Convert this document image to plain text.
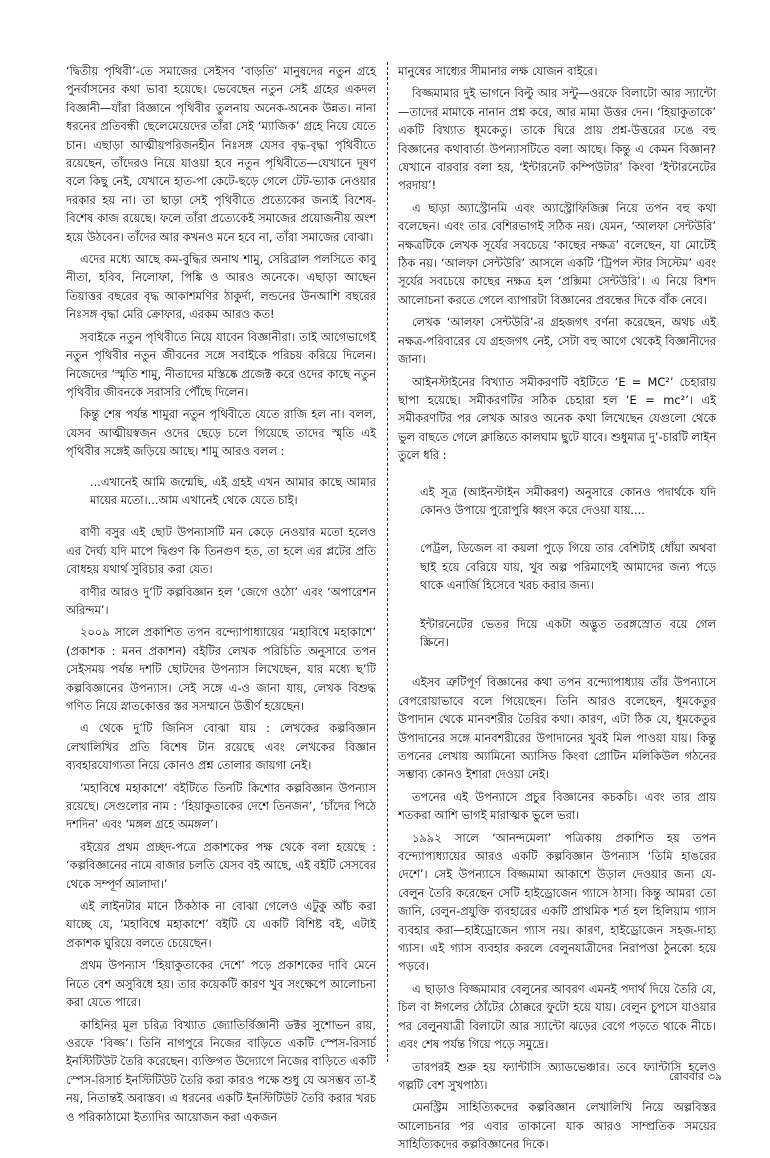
‘দ্বিতীয় পৃথিবী’-তে সমাজের সেইসব ‘বাড়তি’ মানুষদের নতুন গ্রহে পুনর্বাসনের কথা ভাবা হয়েছে। ভেবেছেন নতুন সেই গ্রহের একদল বিজ্ঞানী—যাঁরা বিজ্ঞানে পৃথিবীর তুলনায় অনেক-অনেক উন্নত। নানা ধরনের প্রতিবন্ধী ছেলেমেয়েদের তাঁরা সেই ‘ম্যাজিক’ গ্রহে নিয়ে যেতে চান। এছাড়া আত্মীয়পরিজনহীন নিঃসঙ্গ যেসব বৃদ্ধ-বৃদ্ধা পৃথিবীতে রয়েছেন, তাঁদেরও নিয়ে যাওয়া হবে নতুন পৃথিবীতে—যেখানে দূষণ বলে কিছু নেই, যেখানে হাত-পা কেটে-ছড়ে গেলে টেট-ভ্যাক নেওয়ার দরকার হয় না। তা ছাড়া সেই পৃথিবীতে প্রত্যেকের জন্যই বিশেষ-বিশেষ কাজ রয়েছে। ফলে তাঁরা প্রত্যেকেই সমাজের প্রয়োজনীয় অংশ হয়ে উঠবেন। তাঁদের আর কখনও মনে হবে না, তাঁরা সমাজের বোঝা।

এদের মধ্যে আছে কম-বুদ্ধির অনাথ শামু, সেরিব্রাল পলসিতে কাবু নীতা, হবিব, নিলোফা, পিঙ্কি ও আরও অনেকে। এছাড়া আছেন তিয়াত্তর বছরের বৃদ্ধ আকাশমণির ঠাকুর্দা, লন্ডনের উনআশি বছরের নিঃসঙ্গ বৃদ্ধা মেরি ক্রোফার, এরকম আরও কত!

সবাইকে নতুন পৃথিবীতে নিয়ে যাবেন বিজ্ঞানীরা। তাই আগেভাগেই নতুন পৃথিবীর নতুন জীবনের সঙ্গে সবাইকে পরিচয় করিয়ে দিলেন। নিজেদের ‘স্মৃতি শামু, নীতাদের মস্তিষ্কে প্রজেক্ট করে ওদের কাছে নতুন পৃথিবীর জীবনকে সরাসরি পৌঁছে দিলেন।

কিন্তু শেষ পর্যন্ত শামুরা নতুন পৃথিবীতে যেতে রাজি হল না। বলল, যেসব আত্মীয়স্বজন ওদের ছেড়ে চলে গিয়েছে তাদের স্মৃতি এই পৃথিবীর সঙ্গেই জড়িয়ে আছে। শামু আরও বলল :

...এখানেই আমি জন্মেছি, এই গ্রহই এখন আমার কাছে আমার মায়ের মতো।...আম এখানেই থেকে যেতে চাই।

বাণী বসুর এই ছোট উপন্যাসটি মন কেড়ে নেওয়ার মতো হলেও এর দৈর্ঘ্য যদি মাপে দ্বিগুণ কি তিনগুণ হত, তা হলে এর প্লটের প্রতি বোধহয় যথার্থ সুবিচার করা যেত।

বাণীর আরও দু’টি কল্পবিজ্ঞান হল ‘জেগে ওঠো’ এবং ‘অপারেশন অরিন্দম’।

২০০৯ সালে প্রকাশিত তপন বন্দ্যোপাধ্যায়ের ‘মহাবিশ্বে মহাকাশে’ (প্রকাশক : মনন প্রকাশন) বইটির লেখক পরিচিতি অনুসারে তপন সেইসময় পর্যন্ত দশটি ছোটদের উপন্যাস লিখেছেন, যার মধ্যে ছ’টি কল্পবিজ্ঞানের উপন্যাস। সেই সঙ্গে এ-ও জানা যায়, লেখক বিশুদ্ধ গণিত নিয়ে স্নাতকোত্তর স্তর সসম্মানে উত্তীর্ণ হয়েছেন।

এ থেকে দু’টি জিনিস বোঝা যায় : লেখকের কল্পবিজ্ঞান লেখালিখির প্রতি বিশেষ টান রয়েছে এবং লেখকের বিজ্ঞান ব্যবহারযোগ্যতা নিয়ে কোনও প্রশ্ন তোলার জায়গা নেই।

‘মহাবিশ্বে মহাকাশে’ বইটিতে তিনটি কিশোর কল্পবিজ্ঞান উপন্যাস রয়েছে। সেগুলোর নাম : ‘হিয়াকুতাকের দেশে তিনজন’, ‘চাঁদের পিঠে দশদিন’ এবং ‘মঙ্গল গ্রহে অমঙ্গল’।

বইয়ের প্রথম প্রচ্ছদ-পত্রে প্রকাশকের পক্ষ থেকে বলা হয়েছে : ‘কল্পবিজ্ঞানের নামে বাজার চলতি যেসব বই আছে, এই বইটি সেসবের থেকে সম্পূর্ণ আলাদা।’

এই লাইনটার মানে ঠিকঠাক না বোঝা গেলেও এটুকু আঁচ করা যাচ্ছে যে, ‘মহাবিশ্বে মহাকাশে’ বইটি যে একটি বিশিষ্ট বই, এটাই প্রকাশক ঘুরিয়ে বলতে চেয়েছেন।

প্রথম উপন্যাস ‘হিয়াকুতাকের দেশে’ পড়ে প্রকাশকের দাবি মেনে নিতে বেশ অসুবিধে হয়। তার কয়েকটি কারণ খুব সংক্ষেপে আলোচনা করা যেতে পারে।

কাহিনির মূল চরিত্র বিখ্যাত জ্যোতির্বিজ্ঞানী ডক্টর সুশোভন রায়, ওরফে ‘বিজ্জ’। তিনি নাগপুরে নিজের বাড়িতে একটি স্পেস-রিসার্চ ইনস্টিটিউট তৈরি করেছেন। ব্যক্তিগত উদ্যোগে নিজের বাড়িতে একটি স্পেস-রিসার্চ ইনস্টিটিউট তৈরি করা কারও পক্ষে শুধু যে অসম্ভব তা-ই নয়, নিতান্তই অবাস্তব। এ ধরনের একটি ইনস্টিটিউট তৈরি করার খরচ ও পরিকাঠামো ইত্যাদির আয়োজন করা একজন

মানুষের সাধ্যের সীমানার লক্ষ যোজন বাইরে।

বিজ্জমামার দুই ভাগনে বিল্টু আর সন্টু—ওরফে বিলাটো আর স্যান্টো—তাদের মামাকে নানান প্রশ্ন করে, আর মামা উত্তর দেন। ‘হিয়াকুতাকে’ একটি বিখ্যাত ধূমকেতু। তাকে ঘিরে প্রায় প্রশ্ন-উত্তরের ঢঙে বহু বিজ্ঞানের কথাবার্তা উপন্যাসটিতে বলা আছে। কিন্তু এ কেমন বিজ্ঞান? যেখানে বারবার বলা হয়, ‘ইন্টারনেট কম্পিউটার’ কিংবা ‘ইন্টারনেটের পরদায়’!

এ ছাড়া অ্যাস্ট্রোনমি এবং অ্যাস্ট্রোফিজিক্স নিয়ে তপন বহু কথা বলেছেন। এবং তার বেশিরভাগই সঠিক নয়। যেমন, ‘আলফা সেন্টউরি’ নক্ষত্রটিকে লেখক সূর্যের সবচেয়ে ‘কাছের নক্ষত্র’ বলেছেন, যা মোটেই ঠিক নয়। ‘আলফা সেন্টউরি’ আসলে একটি ‘ট্রিপল স্টার সিস্টেম’ এবং সূর্যের সবচেয়ে কাছের নক্ষত্র হল ‘প্রক্সিমা সেন্টউরি’। এ নিয়ে বিশদ আলোচনা করতে গেলে ব্যাপারটা বিজ্ঞানের প্রবন্ধের দিকে বাঁক নেবে।

লেখক ‘আলফা সেন্টউরি’-র গ্রহজগৎ বর্ণনা করেছেন, অথচ এই নক্ষত্র-পরিবারের যে গ্রহজগৎ নেই, সেটা বহু আগে থেকেই বিজ্ঞানীদের জানা।

আইনস্টাইনের বিখ্যাত সমীকরণটি বইটিতে ‘E = MC²’ চেহারায় ছাপা হয়েছে। সমীকরণটির সঠিক চেহারা হল ‘E = mc²’। এই সমীকরণটির পর লেখক আরও অনেক কথা লিখেছেন যেগুলো থেকে ভুল বাছতে গেলে ক্লান্তিতে কালঘাম ছুটে যাবে। শুধুমাত্র দু’-চারটি লাইন তুলে ধরি :

এই সূত্র (আইনস্টাইন সমীকরণ) অনুসারে কোনও পদার্থকে যদি কোনও উপায়ে পুরোপুরি ধ্বংস করে দেওয়া যায়....

পেট্রল, ডিজেল বা কয়লা পুড়ে গিয়ে তার বেশিটাই ধোঁয়া অথবা ছাই হয়ে বেরিয়ে যায়, খুব অল্প পরিমাণেই আমাদের জন্য পড়ে থাকে এনার্জি হিসেবে খরচ করার জন্য।

ইন্টারনেটের ভেতর দিয়ে একটা অদ্ভুত তরঙ্গস্রোত বয়ে গেল স্ক্রিনে।

এইসব ত্রুটিপূর্ণ বিজ্ঞানের কথা তপন বন্দ্যোপাধ্যায় তাঁর উপন্যাসে বেপরোয়াভাবে বলে গিয়েছেন। তিনি আরও বলেছেন, ধূমকেতুর উপাদান থেকে মানবশরীর তৈরির কথা। কারণ, এটা ঠিক যে, ধূমকেতুর উপাদানের সঙ্গে মানবশরীরের উপাদানের খুবই মিল পাওয়া যায়। কিন্তু তপনের লেখায় অ্যামিনো অ্যাসিড কিংবা প্রোটিন মলিকিউল গঠনের সম্ভাব্য কোনও ইশারা দেওয়া নেই।

তপনের এই উপন্যাসে প্রচুর বিজ্ঞানের কচকচি। এবং তার প্রায় শতকরা আশি ভাগই মারাত্মক ভুলে ভরা।

১৯৯২ সালে ‘আনন্দমেলা’ পত্রিকায় প্রকাশিত হয় তপন বন্দ্যোপাধ্যায়ের আরও একটি কল্পবিজ্ঞান উপন্যাস ‘তিমি হাঙরের দেশে’। সেই উপন্যাসে বিজ্জমামা আকাশে উড়াল দেওয়ার জন্য যে-বেলুন তৈরি করেছেন সেটি হাইড্রোজেন গ্যাসে ঠাসা। কিন্তু আমরা তো জানি, বেলুন-প্রযুক্তি ব্যবহারের একটি প্রাথমিক শর্ত হল হিলিয়াম গ্যাস ব্যবহার করা—হাইড্রোজেন গ্যাস নয়। কারণ, হাইড্রোজেন সহজ-দাহ্য গ্যাস। এই গ্যাস ব্যবহার করলে বেলুনযাত্রীদের নিরাপত্তা ঠুনকো হয়ে পড়বে।

এ ছাড়াও বিজ্জমামার বেলুনের আবরণ এমনই পদার্থ দিয়ে তৈরি যে, চিল বা ঈগলের ঠোঁটের ঠোক্করে ফুটো হয়ে যায়। বেলুন চুপসে যাওয়ার পর বেলুনযাত্রী বিলাটো আর স্যান্টো ঝড়ের বেগে পড়তে থাকে নীচে। এবং শেষ পর্যন্ত গিয়ে পড়ে সমুদ্রে।

তারপরই শুরু হয় ফ্যান্টাসি অ্যাডভেঞ্চার। তবে ফ্যান্টাসি হলেও গল্পটি বেশ সুখপাঠ্য।

মেনস্ট্রিম সাহিত্যিকদের কল্পবিজ্ঞান লেখালিখি নিয়ে অল্পবিস্তর আলোচনার পর এবার তাকানো যাক আরও সাম্প্রতিক সময়ের সাহিত্যিকদের কল্পবিজ্ঞানের দিকে।

রোববার ৩৯
